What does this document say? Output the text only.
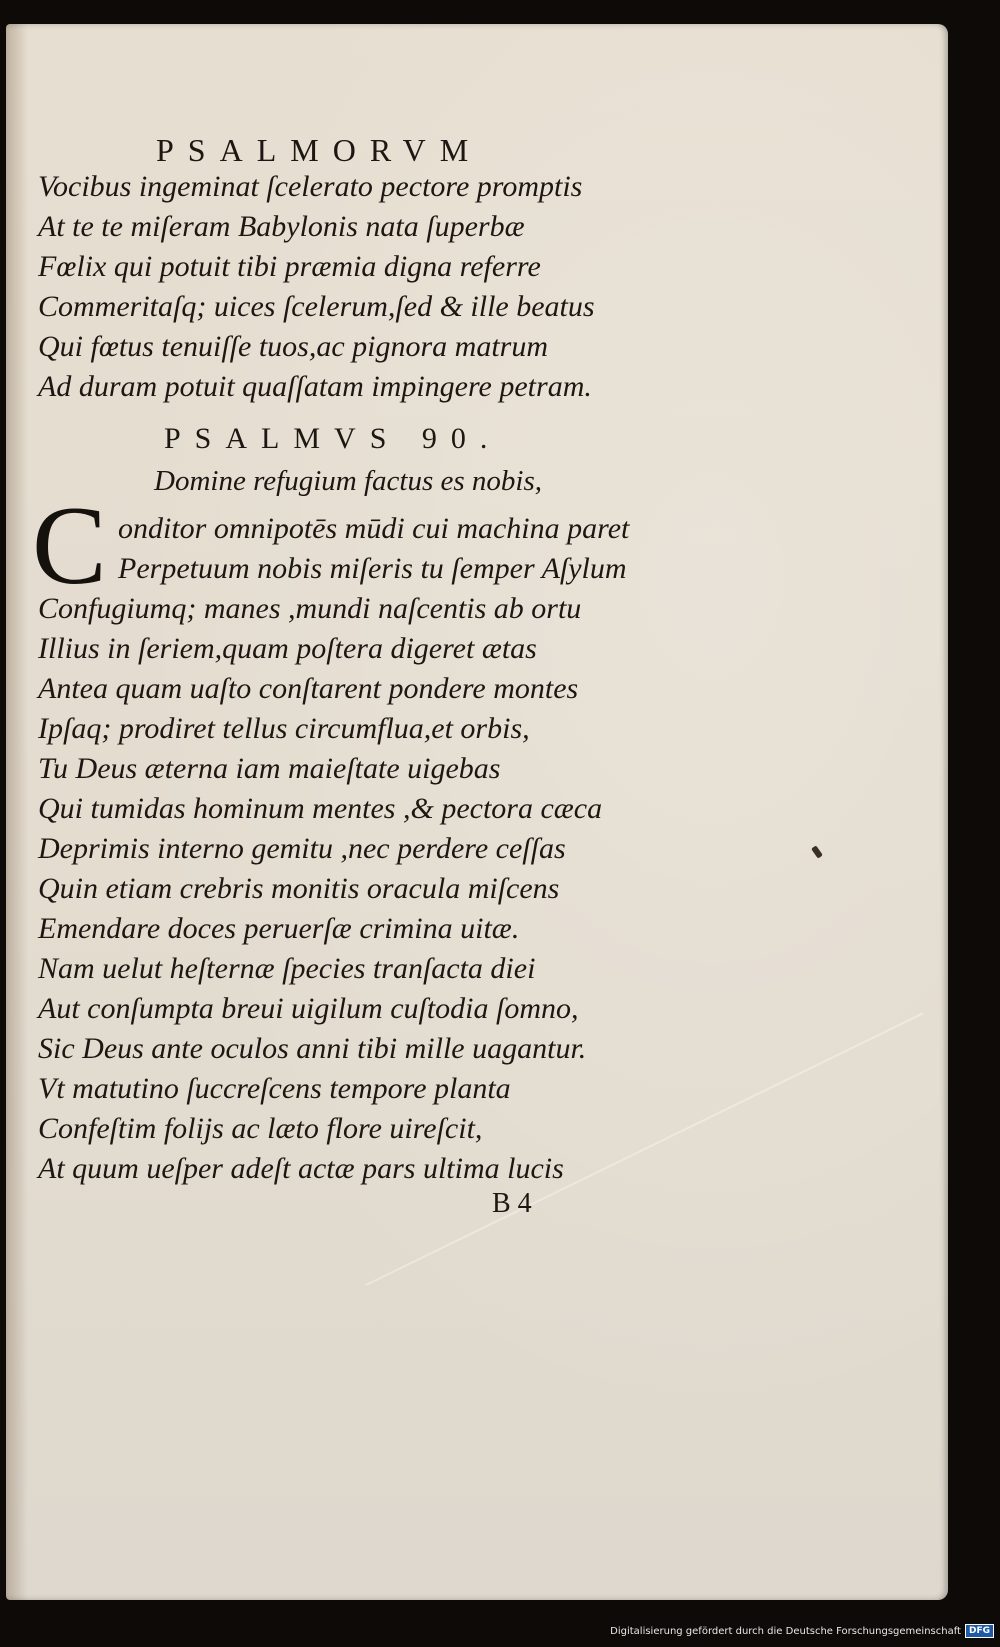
PSALMORVM
Vocibus ingeminat ſcelerato pectore promptis
At te te miſeram Babylonis nata ſuperbæ
Fœlix qui potuit tibi præmia digna referre
Commeritaſq; uices ſcelerum,ſed & ille beatus
Qui fœtus tenuiſſe tuos,ac pignora matrum
Ad duram potuit quaſſatam impingere petram.
PSALMVS 90.
Domine refugium factus es nobis,
C onditor omnipotēs mūdi cui machina paret
Perpetuum nobis miſeris tu ſemper Aſylum
Confugiumq; manes ,mundi naſcentis ab ortu
Illius in ſeriem,quam poſtera digeret ætas
Antea quam uaſto conſtarent pondere montes
Ipſaq; prodiret tellus circumflua,et orbis,
Tu Deus æterna iam maieſtate uigebas
Qui tumidas hominum mentes ,& pectora cæca
Deprimis interno gemitu ,nec perdere ceſſas
Quin etiam crebris monitis oracula miſcens
Emendare doces peruerſæ crimina uitæ.
Nam uelut heſternæ ſpecies tranſacta diei
Aut conſumpta breui uigilum cuſtodia ſomno,
Sic Deus ante oculos anni tibi mille uagantur.
Vt matutino ſuccreſcens tempore planta
Confeſtim folijs ac læto flore uireſcit,
At quum ueſper adeſt actæ pars ultima lucis
B 4
Digitalisierung gefördert durch die Deutsche Forschungsgemeinschaft DFG
